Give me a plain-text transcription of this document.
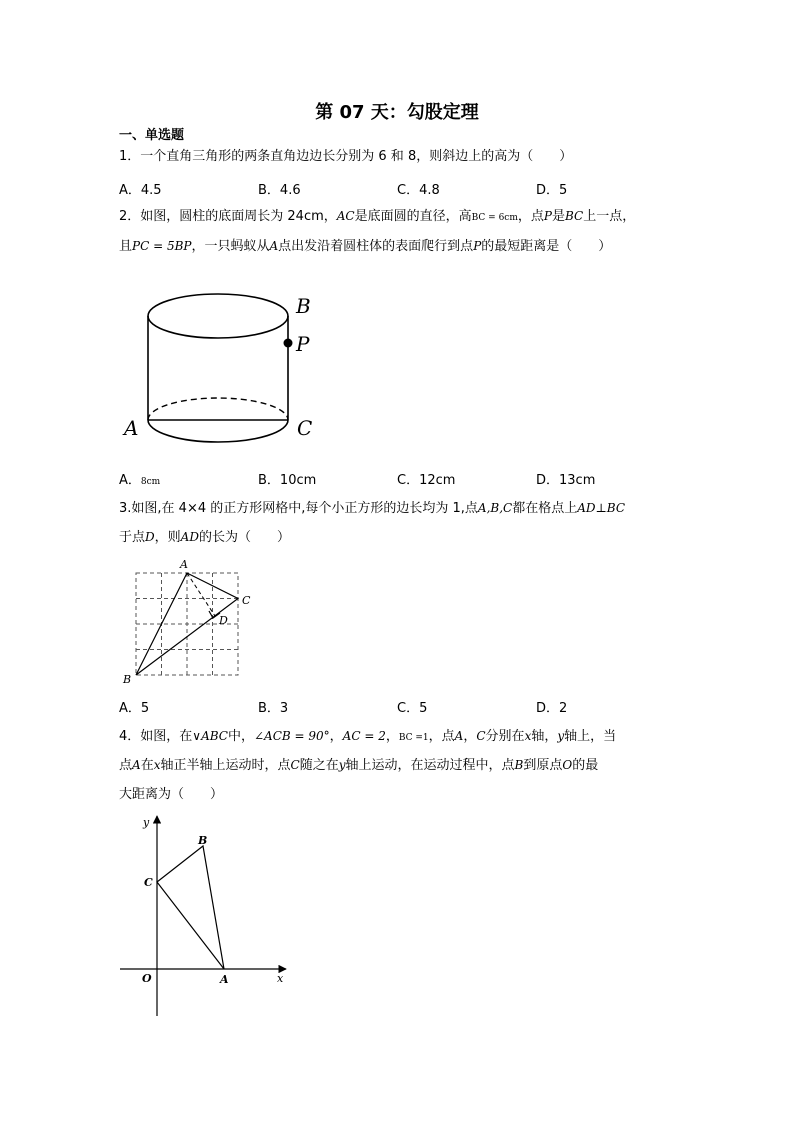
第 07 天：勾股定理
一、单选题
1．一个直角三角形的两条直角边边长分别为 6 和 8，则斜边上的高为（　　）
A．4.5	B．4.6	C．4.8	D．5
2．如图，圆柱的底面周长为 24cm，AC是底面圆的直径，高BC = 6cm，点P是BC上一点，
且PC = 5BP，一只蚂蚁从A点出发沿着圆柱体的表面爬行到点P的最短距离是（　　）
B
P
A	C
A．8cm	B．10cm	C．12cm	D．13cm
3.如图,在 4×4 的正方形网格中,每个小正方形的边长均为 1,点A,B,C都在格点上AD⊥BC
于点D，则AD的长为（　　）
A
B
C
D
A．5	B．3	C．5	D．2
4．如图，在∨ABC中，∠ACB = 90°，AC = 2，BC =1，点A，C分别在x轴，y轴上，当
点A在x轴正半轴上运动时，点C随之在y轴上运动，在运动过程中，点B到原点O的最
大距离为（　　）
y
x
O	A
B
C
